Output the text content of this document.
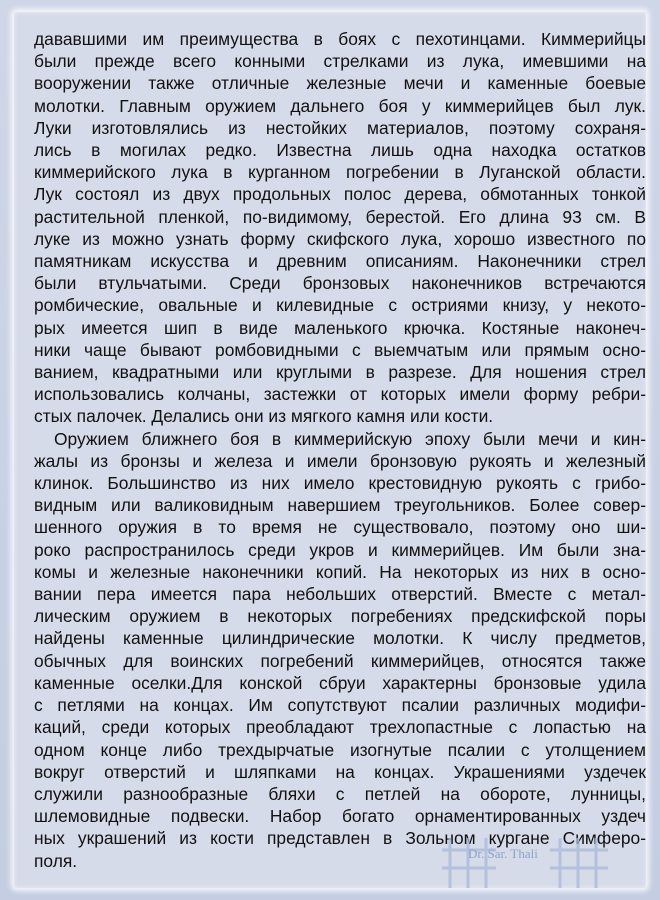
дававшими им преимущества в боях с пехотинцами. Киммерийцы
были прежде всего конными стрелками из лука, имевшими на
вооружении также отличные железные мечи и каменные боевые
молотки. Главным оружием дальнего боя у киммерийцев был лук.
Луки изготовлялись из нестойких материалов, поэтому сохраня-
лись в могилах редко. Известна лишь одна находка остатков
киммерийского лука в курганном погребении в Луганской области.
Лук состоял из двух продольных полос дерева, обмотанных тонкой
растительной пленкой, по-видимому, берестой. Его длина 93 см. В
луке из можно узнать форму скифского лука, хорошо известного по
памятникам искусства и древним описаниям. Наконечники стрел
были втульчатыми. Среди бронзовых наконечников встречаются
ромбические, овальные и килевидные с остриями книзу, у некото-
рых имеется шип в виде маленького крючка. Костяные наконеч-
ники чаще бывают ромбовидными с выемчатым или прямым осно-
ванием, квадратными или круглыми в разрезе. Для ношения стрел
использовались колчаны, застежки от которых имели форму ребри-
стых палочек. Делались они из мягкого камня или кости.
Оружием ближнего боя в киммерийскую эпоху были мечи и кин-
жалы из бронзы и железа и имели бронзовую рукоять и железный
клинок. Большинство из них имело крестовидную рукоять с грибо-
видным или валиковидным навершием треугольников. Более совер-
шенного оружия в то время не существовало, поэтому оно ши-
роко распространилось среди укров и киммерийцев. Им были зна-
комы и железные наконечники копий. На некоторых из них в осно-
вании пера имеется пара небольших отверстий. Вместе с метал-
лическим оружием в некоторых погребениях предскифской поры
найдены каменные цилиндрические молотки. К числу предметов,
обычных для воинских погребений киммерийцев, относятся также
каменные оселки.Для конской сбруи характерны бронзовые удила
с петлями на концах. Им сопутствуют псалии различных модифи-
каций, среди которых преобладают трехлопастные с лопастью на
одном конце либо трехдырчатые изогнутые псалии с утолщением
вокруг отверстий и шляпками на концах. Украшениями уздечек
служили разнообразные бляхи с петлей на обороте, лунницы,
шлемовидные подвески. Набор богато орнаментированных уздеч
ных украшений из кости представлен в Зольном кургане Симферо-
поля.	Dr. Sar. Thali
